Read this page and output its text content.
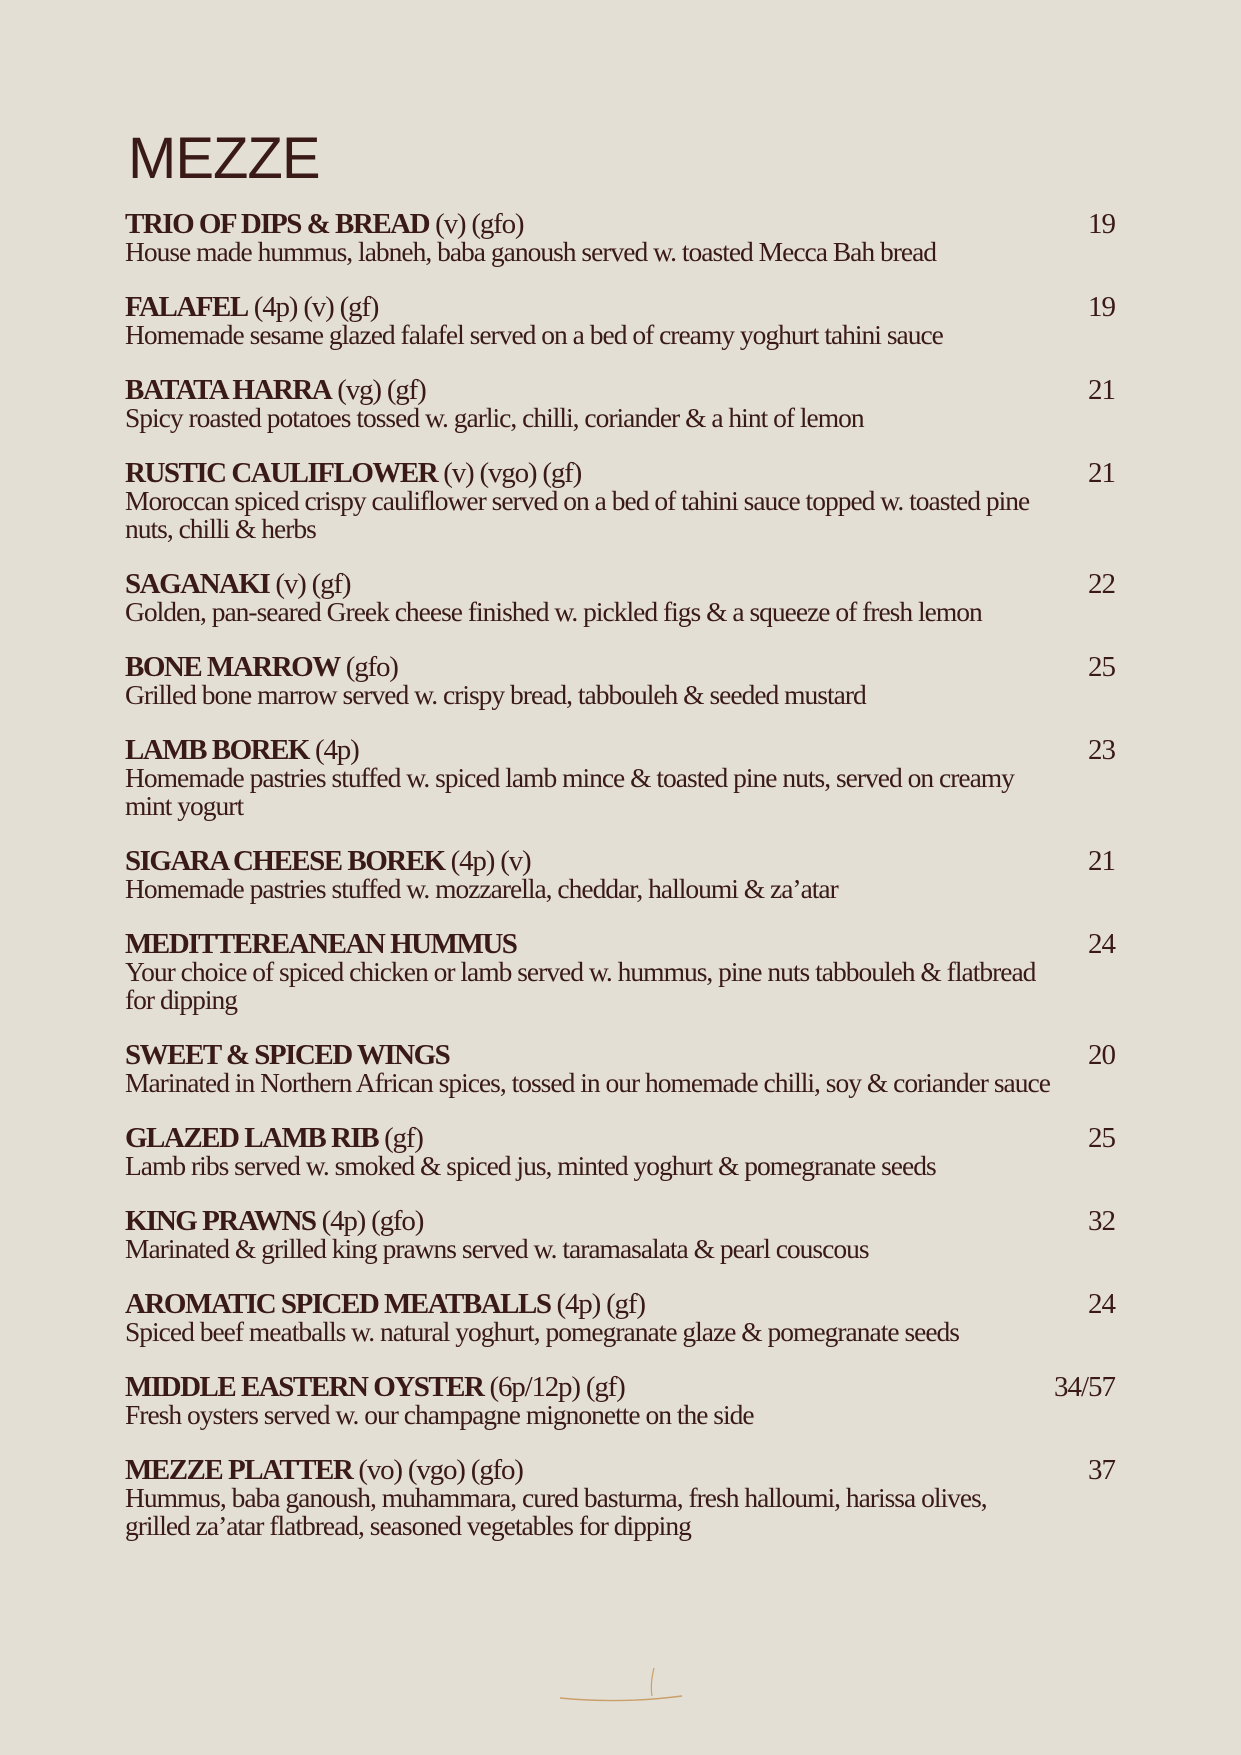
MEZZE
TRIO OF DIPS & BREAD (v) (gfo)	19
House made hummus, labneh, baba ganoush served w. toasted Mecca Bah bread
FALAFEL (4p) (v) (gf)	19
Homemade sesame glazed falafel served on a bed of creamy yoghurt tahini sauce
BATATA HARRA (vg) (gf)	21
Spicy roasted potatoes tossed w. garlic, chilli, coriander & a hint of lemon
RUSTIC CAULIFLOWER (v) (vgo) (gf)	21
Moroccan spiced crispy cauliflower served on a bed of tahini sauce topped w. toasted pine nuts, chilli & herbs
SAGANAKI (v) (gf)	22
Golden, pan-seared Greek cheese finished w. pickled figs & a squeeze of fresh lemon
BONE MARROW (gfo)	25
Grilled bone marrow served w. crispy bread, tabbouleh & seeded mustard
LAMB BOREK (4p)	23
Homemade pastries stuffed w. spiced lamb mince & toasted pine nuts, served on creamy mint yogurt
SIGARA CHEESE BOREK (4p) (v)	21
Homemade pastries stuffed w. mozzarella, cheddar, halloumi & za’atar
MEDITTEREANEAN HUMMUS	24
Your choice of spiced chicken or lamb served w. hummus, pine nuts tabbouleh & flatbread for dipping
SWEET & SPICED WINGS	20
Marinated in Northern African spices, tossed in our homemade chilli, soy & coriander sauce
GLAZED LAMB RIB (gf)	25
Lamb ribs served w. smoked & spiced jus, minted yoghurt & pomegranate seeds
KING PRAWNS (4p) (gfo)	32
Marinated & grilled king prawns served w. taramasalata & pearl couscous
AROMATIC SPICED MEATBALLS (4p) (gf)	24
Spiced beef meatballs w. natural yoghurt, pomegranate glaze & pomegranate seeds
MIDDLE EASTERN OYSTER (6p/12p) (gf)	34/57
Fresh oysters served w. our champagne mignonette on the side
MEZZE PLATTER (vo) (vgo) (gfo)	37
Hummus, baba ganoush, muhammara, cured basturma, fresh halloumi, harissa olives, grilled za’atar flatbread, seasoned vegetables for dipping
